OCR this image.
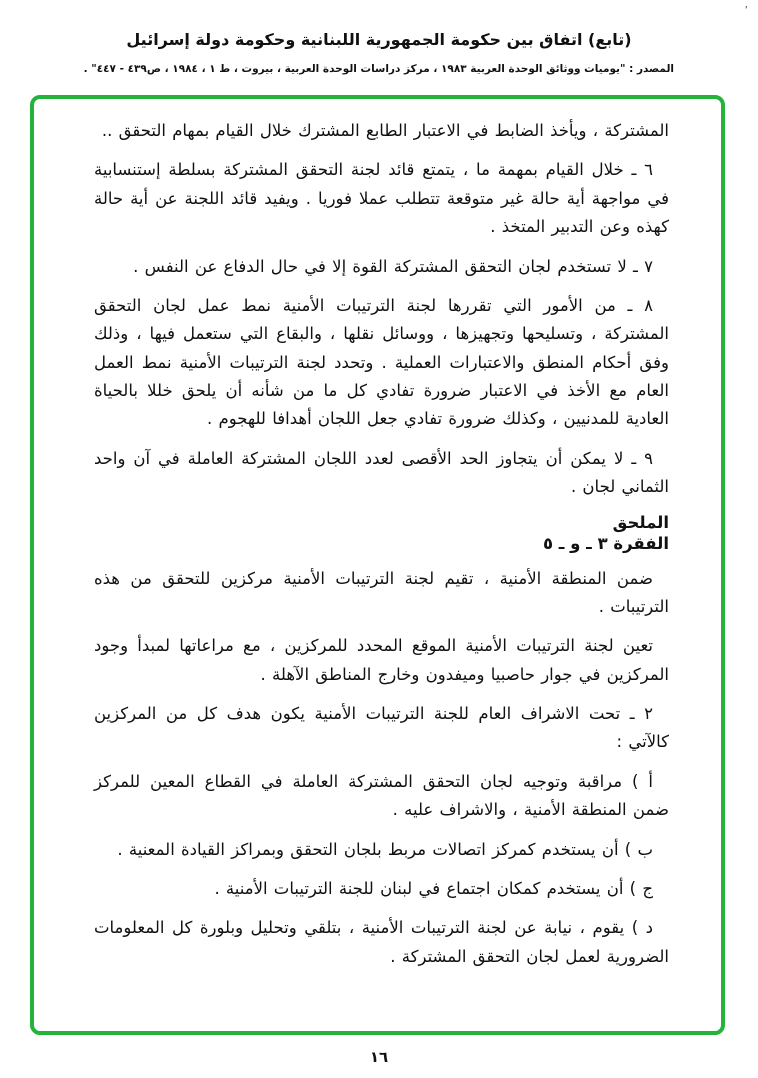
’
(تابع) اتفاق بين حكومة الجمهورية اللبنانية وحكومة دولة إسرائيل
المصدر : "يوميات ووثائق الوحدة العربية ١٩٨٣ ، مركز دراسات الوحدة العربية ، بيروت ، ط ١ ، ١٩٨٤ ، ص٤٣٩ - ٤٤٧" .

المشتركة ، ويأخذ الضابط في الاعتبار الطابع المشترك خلال القيام بمهام التحقق ..

٦ ـ خلال القيام بمهمة ما ، يتمتع قائد لجنة التحقق المشتركة بسلطة إستنسابية في مواجهة أية حالة غير متوقعة تتطلب عملا فوريا . ويفيد قائد اللجنة عن أية حالة كهذه وعن التدبير المتخذ .

٧ ـ لا تستخدم لجان التحقق المشتركة القوة إلا في حال الدفاع عن النفس .

٨ ـ من الأمور التي تقررها لجنة الترتيبات الأمنية نمط عمل لجان التحقق المشتركة ، وتسليحها وتجهيزها ، ووسائل نقلها ، والبقاع التي ستعمل فيها ، وذلك وفق أحكام المنطق والاعتبارات العملية . وتحدد لجنة الترتيبات الأمنية نمط العمل العام مع الأخذ في الاعتبار ضرورة تفادي كل ما من شأنه أن يلحق خللا بالحياة العادية للمدنيين ، وكذلك ضرورة تفادي جعل اللجان أهدافا للهجوم .

٩ ـ لا يمكن أن يتجاوز الحد الأقصى لعدد اللجان المشتركة العاملة في آن واحد الثماني لجان .

الملحق
الفقرة ٣ ـ و ـ ٥

ضمن المنطقة الأمنية ، تقيم لجنة الترتيبات الأمنية مركزين للتحقق من هذه الترتيبات .

تعين لجنة الترتيبات الأمنية الموقع المحدد للمركزين ، مع مراعاتها لمبدأ وجود المركزين في جوار حاصبيا وميفدون وخارج المناطق الآهلة .

٢ ـ تحت الاشراف العام للجنة الترتيبات الأمنية يكون هدف كل من المركزين كالآتي :

أ ) مراقبة وتوجيه لجان التحقق المشتركة العاملة في القطاع المعين للمركز ضمن المنطقة الأمنية ، والاشراف عليه .

ب ) أن يستخدم كمركز اتصالات مربط بلجان التحقق وبمراكز القيادة المعنية .

ج ) أن يستخدم كمكان اجتماع في لبنان للجنة الترتيبات الأمنية .

د ) يقوم ، نيابة عن لجنة الترتيبات الأمنية ، بتلقي وتحليل وبلورة كل المعلومات الضرورية لعمل لجان التحقق المشتركة .

١٦
